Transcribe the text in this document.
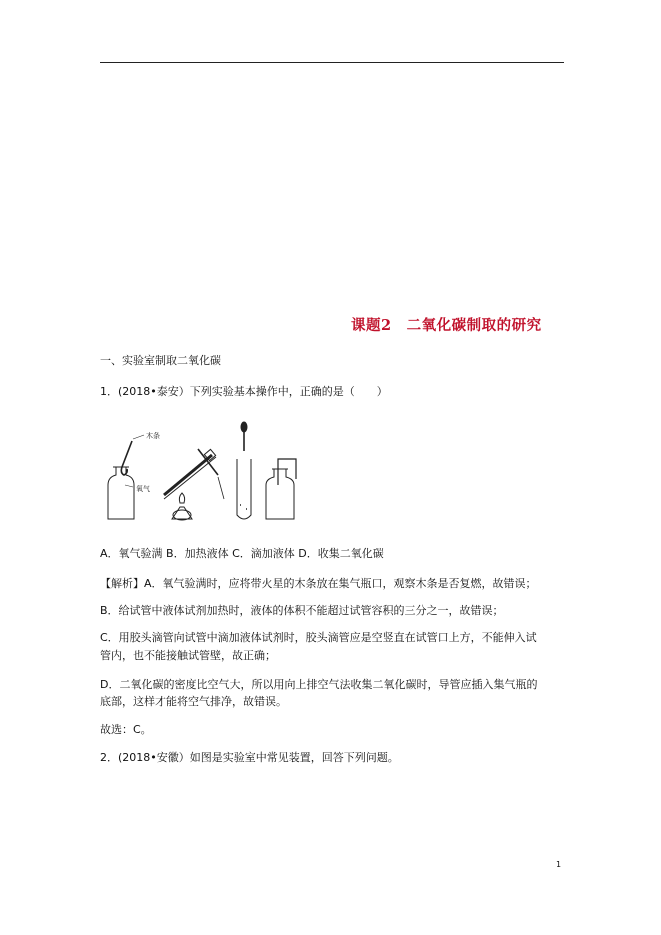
课题2　二氧化碳制取的研究
一、实验室制取二氧化碳
1．(2018•泰安）下列实验基本操作中，正确的是（　　）
木条
氧气
A．氧气验满 B．加热液体 C．滴加液体 D．收集二氧化碳
【解析】A．氧气验满时，应将带火星的木条放在集气瓶口，观察木条是否复燃，故错误；
B．给试管中液体试剂加热时，液体的体积不能超过试管容积的三分之一，故错误；
C．用胶头滴管向试管中滴加液体试剂时，胶头滴管应是空竖直在试管口上方，不能伸入试
管内，也不能接触试管壁，故正确；
D．二氧化碳的密度比空气大，所以用向上排空气法收集二氧化碳时，导管应插入集气瓶的
底部，这样才能将空气排净，故错误。
故选：C。
2．(2018•安徽）如图是实验室中常见装置，回答下列问题。
1
